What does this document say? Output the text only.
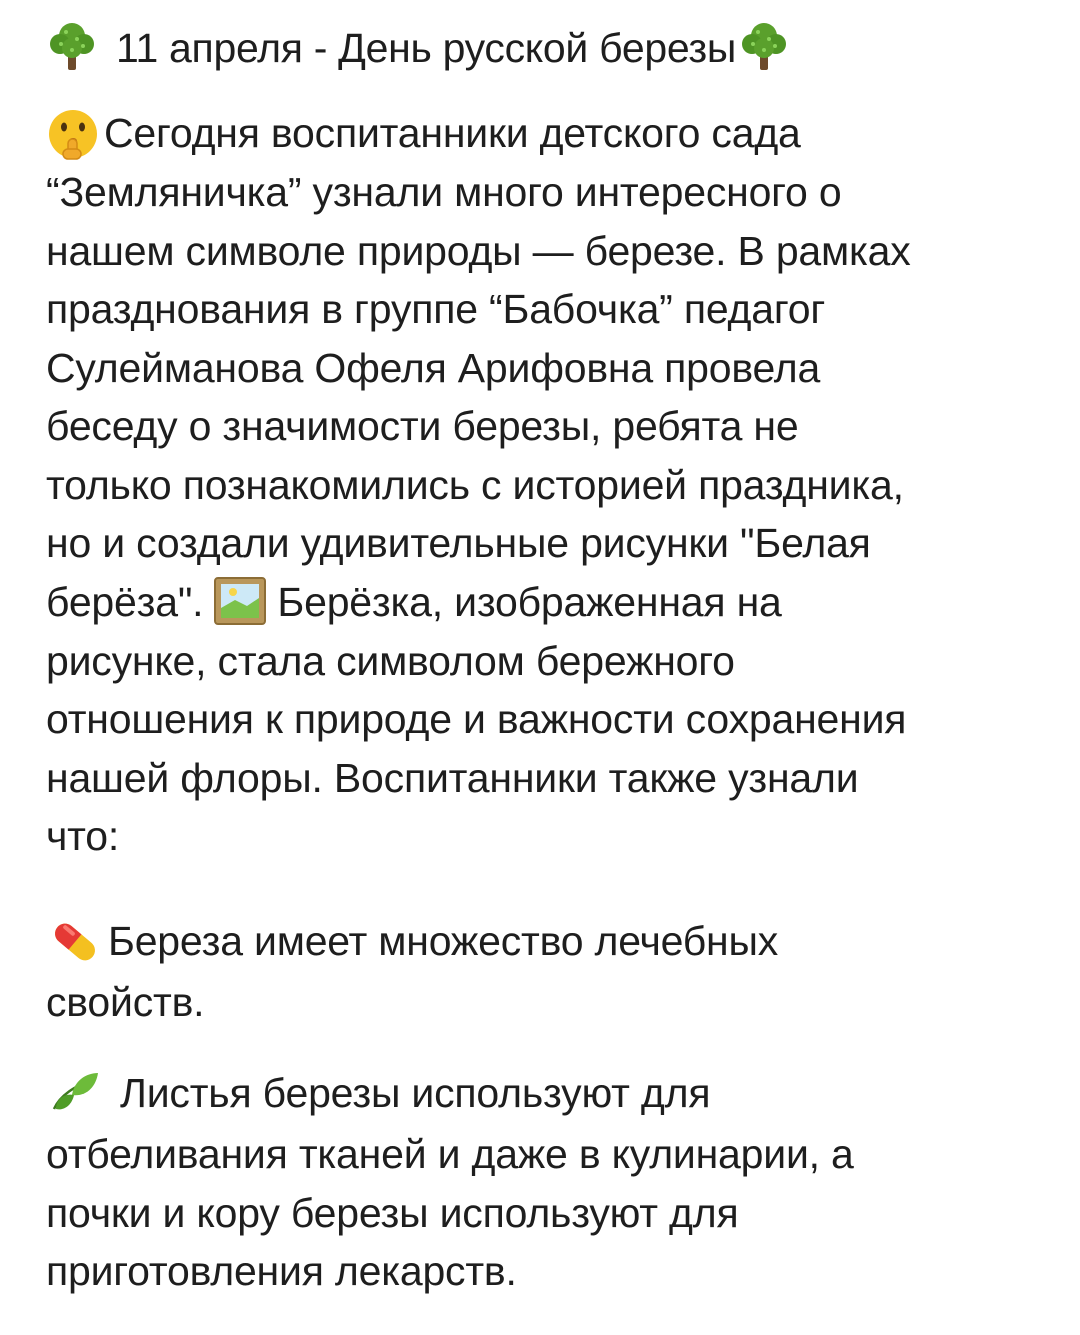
11 апреля - День русской березы
Сегодня воспитанники детского сада
“Земляничка” узнали много интересного о
нашем символе природы — березе. В рамках
празднования в группе “Бабочка” педагог
Сулейманова Офеля Арифовна провела
беседу о значимости березы, ребята не
только познакомились с историей праздника,
но и создали удивительные рисунки "Белая
берёза". Берёзка, изображенная на
рисунке, стала символом бережного
отношения к природе и важности сохранения
нашей флоры. Воспитанники также узнали
что:
Береза имеет множество лечебных
свойств.
Листья березы используют для
отбеливания тканей и даже в кулинарии, а
почки и кору березы используют для
приготовления лекарств.
